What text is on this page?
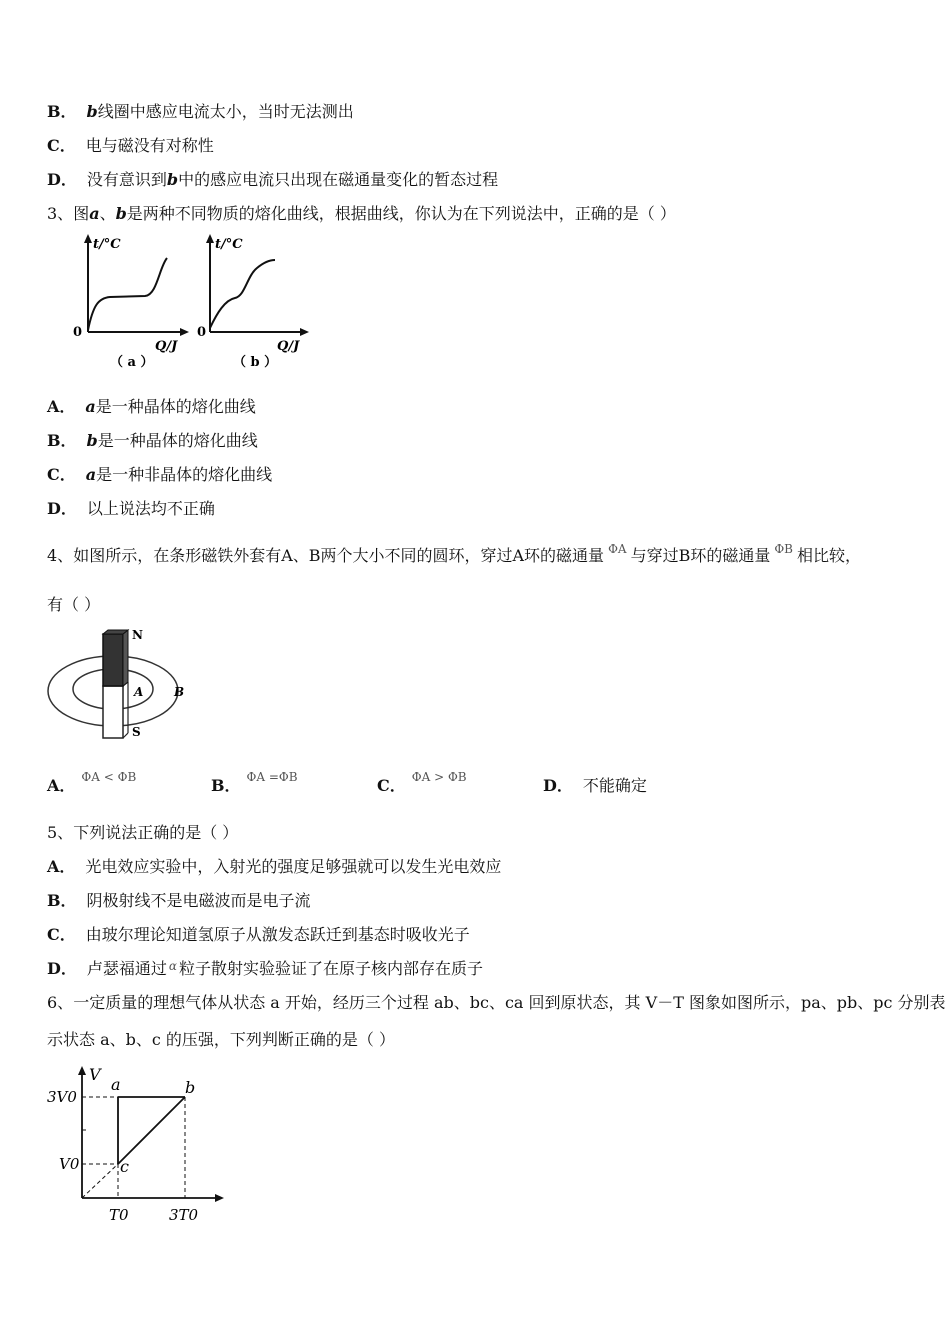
B． b线圈中感应电流太小，当时无法测出
C． 电与磁没有对称性
D． 没有意识到b中的感应电流只出现在磁通量变化的暂态过程
3、图a、b是两种不同物质的熔化曲线，根据曲线，你认为在下列说法中，正确的是（ ）
t/°C
0
Q/J
（ a ）
t/°C
0
Q/J
（ b ）
A． a是一种晶体的熔化曲线
B． b是一种晶体的熔化曲线
C． a是一种非晶体的熔化曲线
D． 以上说法均不正确
4、如图所示，在条形磁铁外套有A、B两个大小不同的圆环，穿过A环的磁通量 $^{\Phi A}$ 与穿过B环的磁通量 $^{\Phi B}$ 相比较，
有（ ）
N
S
A	B
A． $^{\Phi A < \Phi B}$	B． $^{\Phi A =\Phi B}$	C． $^{\Phi A > \Phi B}$	D． 不能确定
5、下列说法正确的是（ ）
A． 光电效应实验中，入射光的强度足够强就可以发生光电效应
B． 阴极射线不是电磁波而是电子流
C． 由玻尔理论知道氢原子从激发态跃迁到基态时吸收光子
D． 卢瑟福通过 $^\alpha$ 粒子散射实验验证了在原子核内部存在质子
6、一定质量的理想气体从状态 a 开始，经历三个过程 ab、bc、ca 回到原状态，其 V－T 图象如图所示，pa、pb、pc 分别表
示状态 a、b、c 的压强，下列判断正确的是（ ）
V
3V0
V0
T0	3T0
a	b
c
